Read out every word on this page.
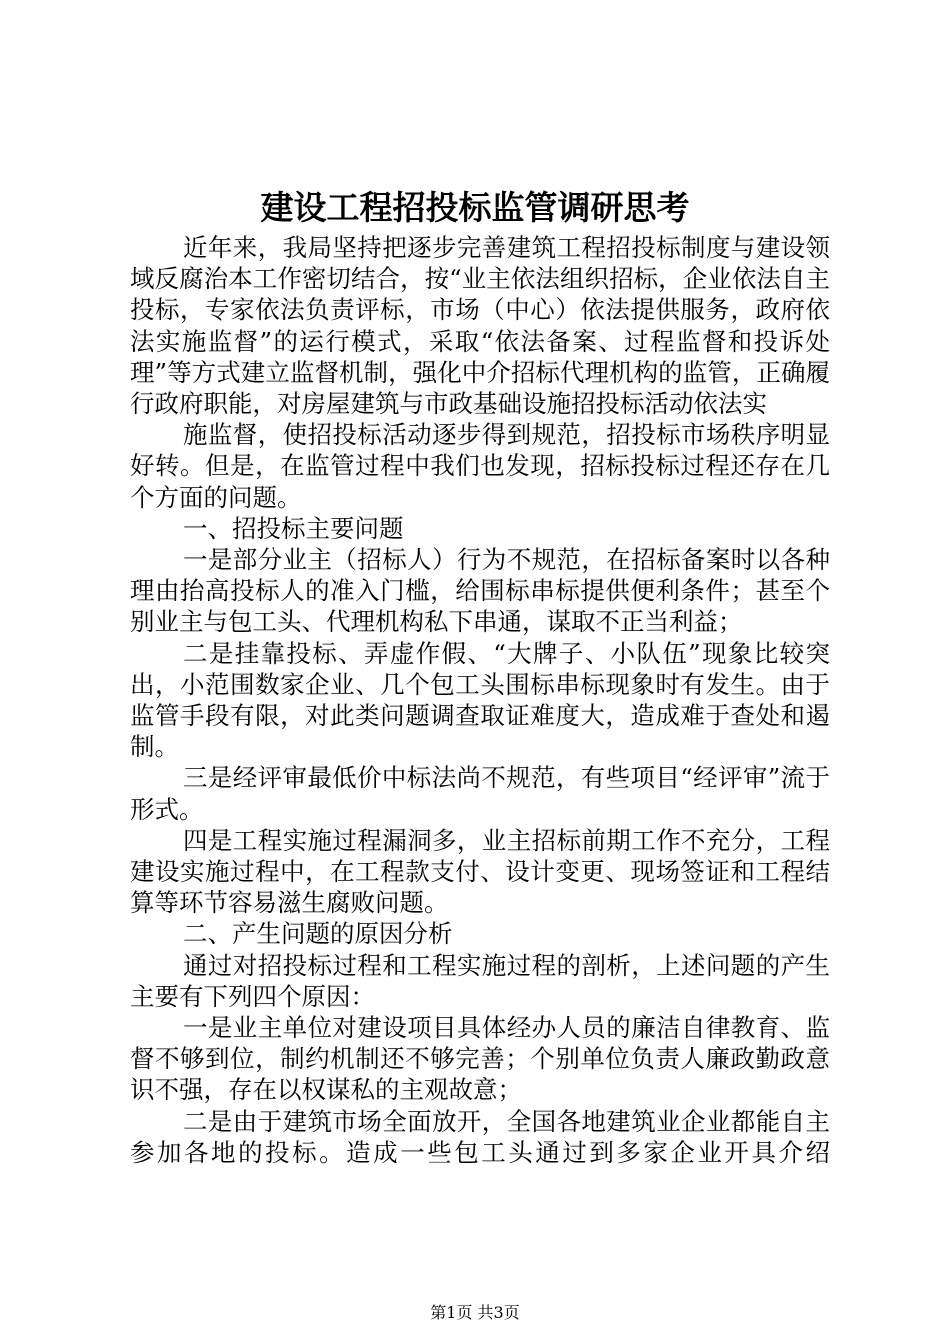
建设工程招投标监管调研思考

近年来，我局坚持把逐步完善建筑工程招投标制度与建设领域反腐治本工作密切结合，按“业主依法组织招标，企业依法自主投标，专家依法负责评标，市场（中心）依法提供服务，政府依法实施监督”的运行模式，采取“依法备案、过程监督和投诉处理”等方式建立监督机制，强化中介招标代理机构的监管，正确履行政府职能，对房屋建筑与市政基础设施招投标活动依法实

施监督，使招投标活动逐步得到规范，招投标市场秩序明显好转。但是，在监管过程中我们也发现，招标投标过程还存在几个方面的问题。

一、招投标主要问题

一是部分业主（招标人）行为不规范，在招标备案时以各种理由抬高投标人的准入门槛，给围标串标提供便利条件；甚至个别业主与包工头、代理机构私下串通，谋取不正当利益；

二是挂靠投标、弄虚作假、“大牌子、小队伍”现象比较突出，小范围数家企业、几个包工头围标串标现象时有发生。由于监管手段有限，对此类问题调查取证难度大，造成难于查处和遏制。

三是经评审最低价中标法尚不规范，有些项目“经评审”流于形式。

四是工程实施过程漏洞多，业主招标前期工作不充分，工程建设实施过程中，在工程款支付、设计变更、现场签证和工程结算等环节容易滋生腐败问题。

二、产生问题的原因分析

通过对招投标过程和工程实施过程的剖析，上述问题的产生主要有下列四个原因：

一是业主单位对建设项目具体经办人员的廉洁自律教育、监督不够到位，制约机制还不够完善；个别单位负责人廉政勤政意识不强，存在以权谋私的主观故意；

二是由于建筑市场全面放开，全国各地建筑业企业都能自主参加各地的投标。造成一些包工头通过到多家企业开具介绍

第1页 共3页
